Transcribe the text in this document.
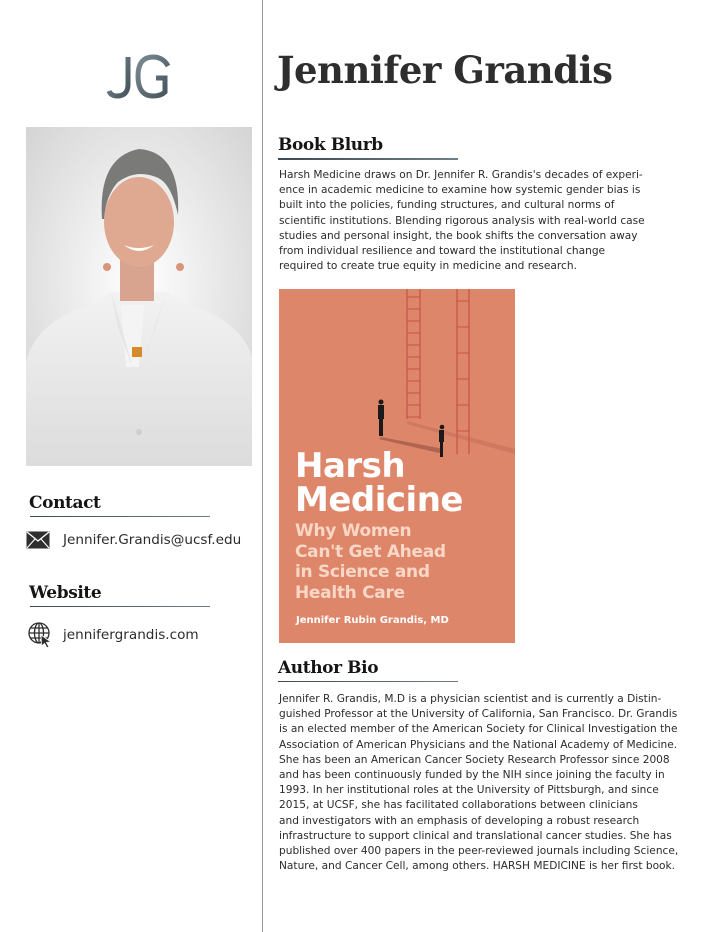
Jennifer Grandis
Book Blurb
Harsh Medicine draws on Dr. Jennifer R. Grandis's decades of experi-
ence in academic medicine to examine how systemic gender bias is
built into the policies, funding structures, and cultural norms of
scientific institutions. Blending rigorous analysis with real-world case
studies and personal insight, the book shifts the conversation away
from individual resilience and toward the institutional change
required to create true equity in medicine and research.
Harsh
Medicine
Why Women
Can't Get Ahead
in Science and
Health Care
Jennifer Rubin Grandis, MD
Contact
Jennifer.Grandis@ucsf.edu
Website
jennifergrandis.com
Author Bio
Jennifer R. Grandis, M.D is a physician scientist and is currently a Distin-
guished Professor at the University of California, San Francisco. Dr. Grandis
is an elected member of the American Society for Clinical Investigation the
Association of American Physicians and the National Academy of Medicine.
She has been an American Cancer Society Research Professor since 2008
and has been continuously funded by the NIH since joining the faculty in
1993. In her institutional roles at the University of Pittsburgh, and since
2015, at UCSF, she has facilitated collaborations between clinicians
and investigators with an emphasis of developing a robust research
infrastructure to support clinical and translational cancer studies. She has
published over 400 papers in the peer-reviewed journals including Science,
Nature, and Cancer Cell, among others. HARSH MEDICINE is her first book.
